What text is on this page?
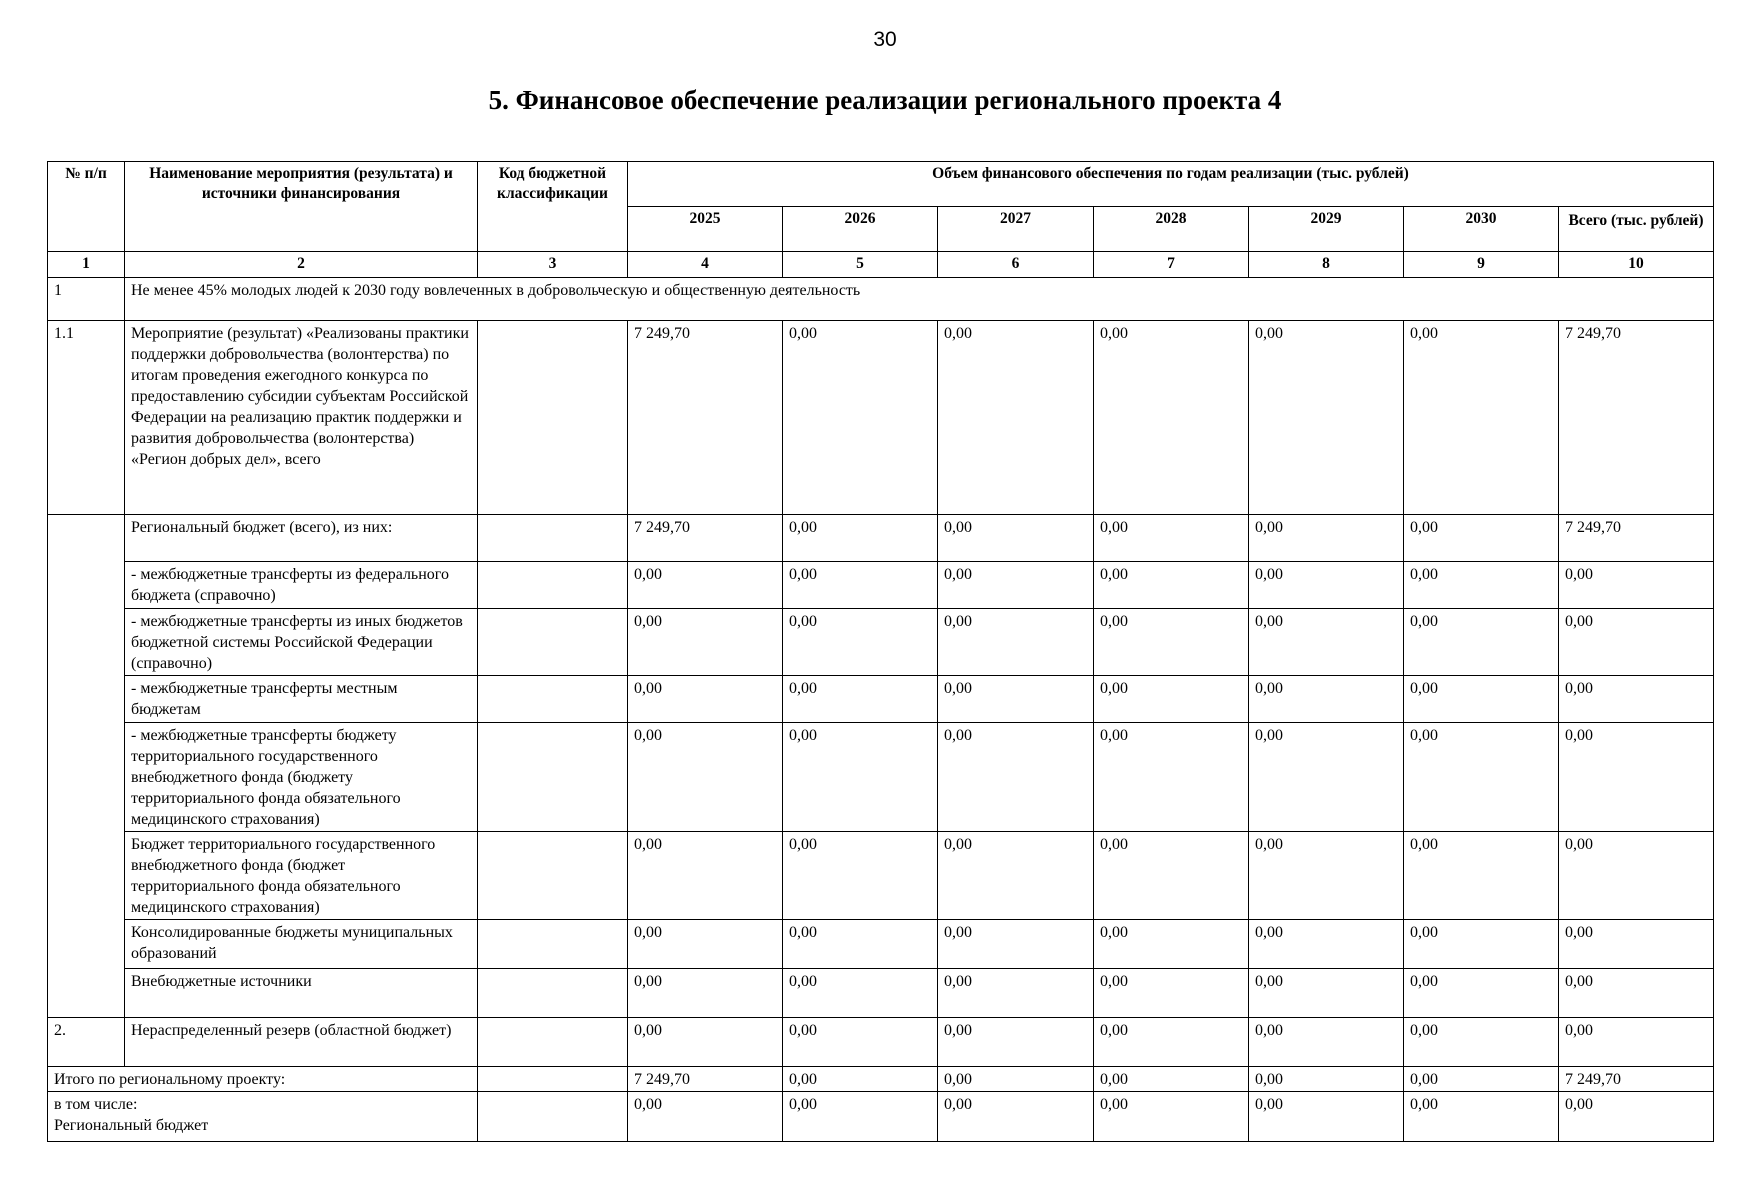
30
5. Финансовое обеспечение реализации регионального проекта 4
№ п/п	Наименование мероприятия (результата) и источники финансирования	Код бюджетной классификации	Объем финансового обеспечения по годам реализации (тыс. рублей)						
			2025	2026	2027	2028	2029	2030	Всего (тыс. рублей)
1	2	3	4	5	6	7	8	9	10
1	Не менее 45% молодых людей к 2030 году вовлеченных в добровольческую и общественную деятельность								
1.1	Мероприятие (результат) «Реализованы практики поддержки добровольчества (волонтерства) по итогам проведения ежегодного конкурса по предоставлению субсидии субъектам Российской Федерации на реализацию практик поддержки и развития добровольчества (волонтерства) «Регион добрых дел», всего		7 249,70	0,00	0,00	0,00	0,00	0,00	7 249,70
	Региональный бюджет (всего), из них:		7 249,70	0,00	0,00	0,00	0,00	0,00	7 249,70
	- межбюджетные трансферты из федерального бюджета (справочно)		0,00	0,00	0,00	0,00	0,00	0,00	0,00
	- межбюджетные трансферты из иных бюджетов бюджетной системы Российской Федерации (справочно)		0,00	0,00	0,00	0,00	0,00	0,00	0,00
	- межбюджетные трансферты местным бюджетам		0,00	0,00	0,00	0,00	0,00	0,00	0,00
	- межбюджетные трансферты бюджету территориального государственного внебюджетного фонда (бюджету территориального фонда обязательного медицинского страхования)		0,00	0,00	0,00	0,00	0,00	0,00	0,00
	Бюджет территориального государственного внебюджетного фонда (бюджет территориального фонда обязательного медицинского страхования)		0,00	0,00	0,00	0,00	0,00	0,00	0,00
	Консолидированные бюджеты муниципальных образований		0,00	0,00	0,00	0,00	0,00	0,00	0,00
	Внебюджетные источники		0,00	0,00	0,00	0,00	0,00	0,00	0,00
2.	Нераспределенный резерв (областной бюджет)		0,00	0,00	0,00	0,00	0,00	0,00	0,00
Итого по региональному проекту:			7 249,70	0,00	0,00	0,00	0,00	0,00	7 249,70

в том числе:
Региональный бюджет			0,00	0,00	0,00	0,00	0,00	0,00	0,00
